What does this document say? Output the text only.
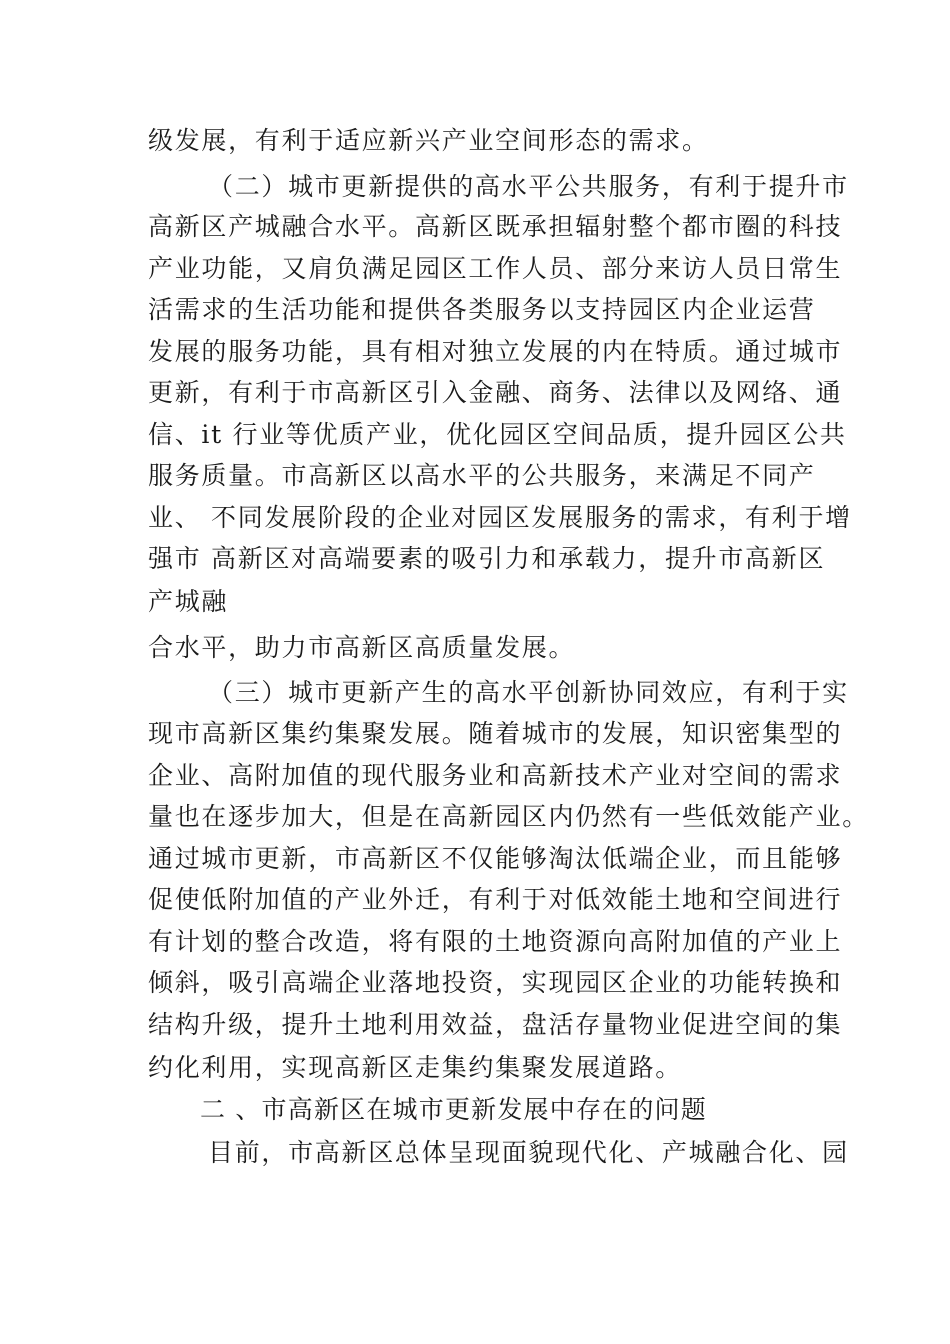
级发展，有利于适应新兴产业空间形态的需求。
（二）城市更新提供的高水平公共服务，有利于提升市
高新区产城融合水平。高新区既承担辐射整个都市圈的科技
产业功能，又肩负满足园区工作人员、部分来访人员日常生
活需求的生活功能和提供各类服务以支持园区内企业运营
发展的服务功能，具有相对独立发展的内在特质。通过城市
更新，有利于市高新区引入金融、商务、法律以及网络、通
信、it 行业等优质产业，优化园区空间品质，提升园区公共
服务质量。市高新区以高水平的公共服务，来满足不同产
业、 不同发展阶段的企业对园区发展服务的需求，有利于增
强市 高新区对高端要素的吸引力和承载力，提升市高新区
产城融
合水平，助力市高新区高质量发展。
（三）城市更新产生的高水平创新协同效应，有利于实
现市高新区集约集聚发展。随着城市的发展，知识密集型的
企业、高附加值的现代服务业和高新技术产业对空间的需求
量也在逐步加大，但是在高新园区内仍然有一些低效能产业。
通过城市更新，市高新区不仅能够淘汰低端企业，而且能够
促使低附加值的产业外迁，有利于对低效能土地和空间进行
有计划的整合改造，将有限的土地资源向高附加值的产业上
倾斜，吸引高端企业落地投资，实现园区企业的功能转换和
结构升级，提升土地利用效益，盘活存量物业促进空间的集
约化利用，实现高新区走集约集聚发展道路。
二 、市高新区在城市更新发展中存在的问题
目前，市高新区总体呈现面貌现代化、产城融合化、园
